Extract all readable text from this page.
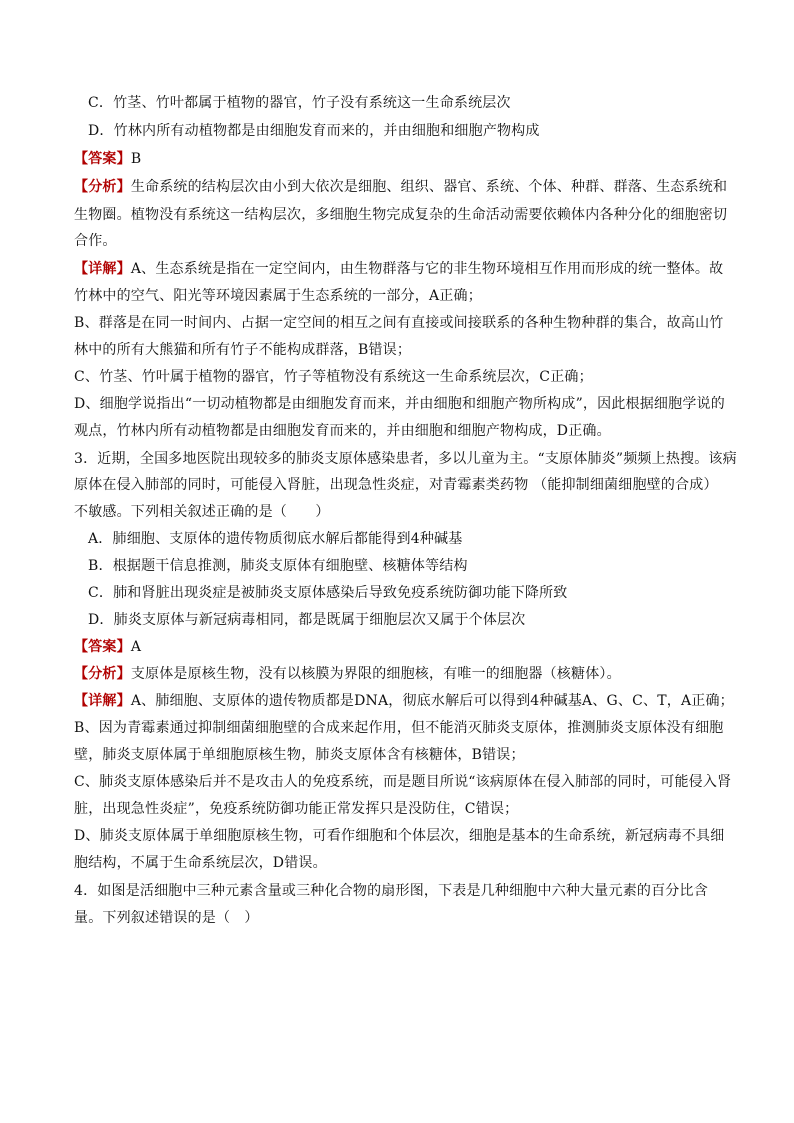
C．竹茎、竹叶都属于植物的器官，竹子没有系统这一生命系统层次
D．竹林内所有动植物都是由细胞发育而来的，并由细胞和细胞产物构成
【答案】B
【分析】生命系统的结构层次由小到大依次是细胞、组织、器官、系统、个体、种群、群落、生态系统和
生物圈。植物没有系统这一结构层次，多细胞生物完成复杂的生命活动需要依赖体内各种分化的细胞密切
合作。
【详解】A、生态系统是指在一定空间内，由生物群落与它的非生物环境相互作用而形成的统一整体。故
竹林中的空气、阳光等环境因素属于生态系统的一部分，A正确；
B、群落是在同一时间内、占据一定空间的相互之间有直接或间接联系的各种生物种群的集合，故高山竹
林中的所有大熊猫和所有竹子不能构成群落，B错误；
C、竹茎、竹叶属于植物的器官，竹子等植物没有系统这一生命系统层次，C正确；
D、细胞学说指出“一切动植物都是由细胞发育而来，并由细胞和细胞产物所构成”，因此根据细胞学说的
观点，竹林内所有动植物都是由细胞发育而来的，并由细胞和细胞产物构成，D正确。
3．近期，全国多地医院出现较多的肺炎支原体感染患者，多以儿童为主。“支原体肺炎”频频上热搜。该病
原体在侵入肺部的同时，可能侵入肾脏，出现急性炎症，对青霉素类药物 （能抑制细菌细胞壁的合成）
不敏感。下列相关叙述正确的是（　　）
A．肺细胞、支原体的遗传物质彻底水解后都能得到4种碱基
B．根据题干信息推测，肺炎支原体有细胞壁、核糖体等结构
C．肺和肾脏出现炎症是被肺炎支原体感染后导致免疫系统防御功能下降所致
D．肺炎支原体与新冠病毒相同，都是既属于细胞层次又属于个体层次
【答案】A
【分析】支原体是原核生物，没有以核膜为界限的细胞核，有唯一的细胞器（核糖体）。
【详解】A、肺细胞、支原体的遗传物质都是DNA，彻底水解后可以得到4种碱基A、G、C、T，A正确；
B、因为青霉素通过抑制细菌细胞壁的合成来起作用，但不能消灭肺炎支原体，推测肺炎支原体没有细胞
壁，肺炎支原体属于单细胞原核生物，肺炎支原体含有核糖体，B错误；
C、肺炎支原体感染后并不是攻击人的免疫系统，而是题目所说“该病原体在侵入肺部的同时，可能侵入肾
脏，出现急性炎症”，免疫系统防御功能正常发挥只是没防住，C错误；
D、肺炎支原体属于单细胞原核生物，可看作细胞和个体层次，细胞是基本的生命系统，新冠病毒不具细
胞结构，不属于生命系统层次，D错误。
4．如图是活细胞中三种元素含量或三种化合物的扇形图，下表是几种细胞中六种大量元素的百分比含
量。下列叙述错误的是（　）
